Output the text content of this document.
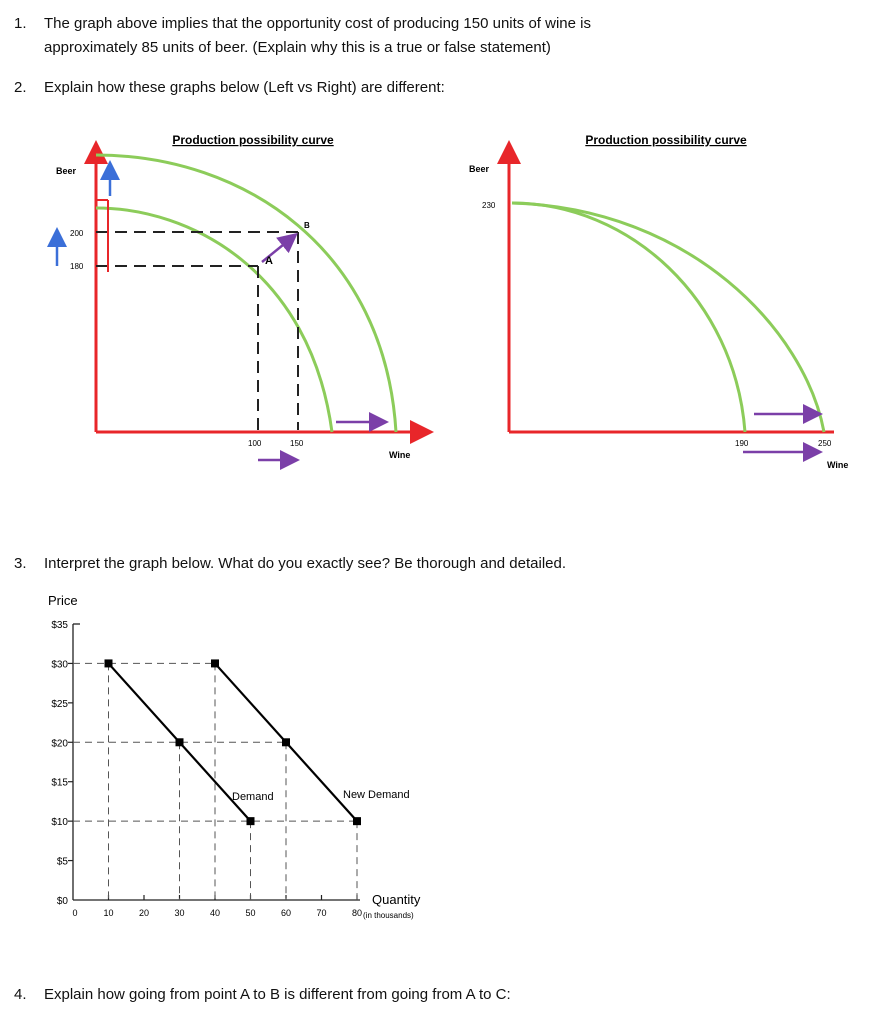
1. The graph above implies that the opportunity cost of producing 150 units of wine is
approximately 85 units of beer. (Explain why this is a true or false statement)
2. Explain how these graphs below (Left vs Right) are different:
Production possibility curve
Beer
Wine
200
180
100	150
A
B
Production possibility curve
Beer
Wine
230
190	250
3. Interpret the graph below. What do you exactly see? Be thorough and detailed.
Price
$35
$30
$25
$20
$15
$10
$5
$0
0	10	20	30	40	50	60	70	80
Demand	New Demand
Quantity
(in thousands)
4. Explain how going from point A to B is different from going from A to C:
